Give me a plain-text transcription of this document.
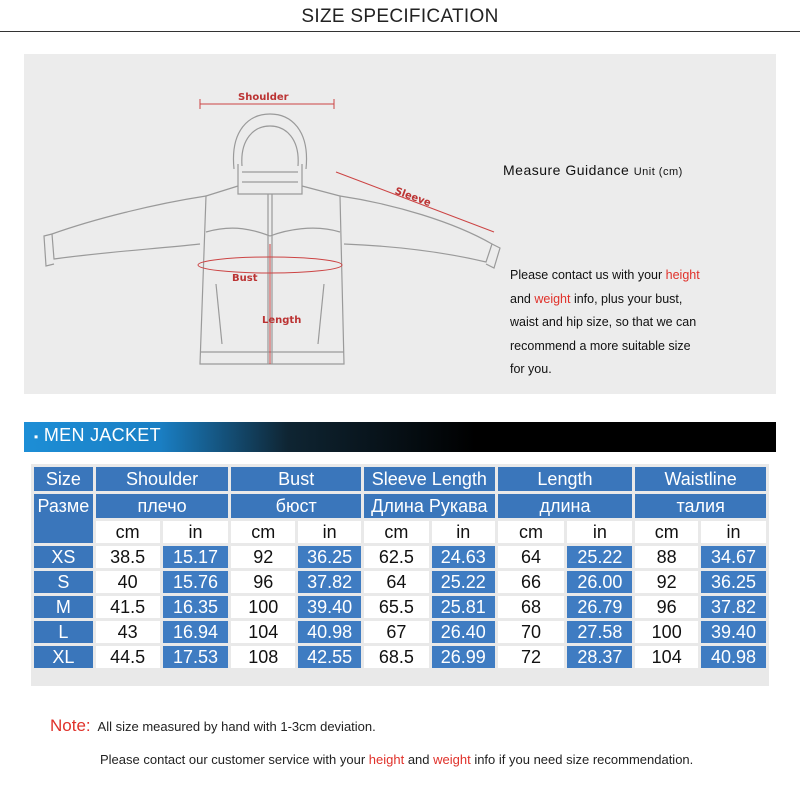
SIZE SPECIFICATION
Shoulder
Sleeve
Bust
Length
Measure Guidance Unit (cm)
Please contact us with your height
and weight info, plus your bust,
waist and hip size, so that we can
recommend a more suitable size
for you.
▪ MEN JACKET
Size	Shoulder		Bust		Sleeve Length		Length		Waistline	
Разме	плечо		бюст		Длина Рукава		длина		талия	
	cm	in	cm	in	cm	in	cm	in	cm	in
XS	38.5	15.17	92	36.25	62.5	24.63	64	25.22	88	34.67
S	40	15.76	96	37.82	64	25.22	66	26.00	92	36.25
M	41.5	16.35	100	39.40	65.5	25.81	68	26.79	96	37.82
L	43	16.94	104	40.98	67	26.40	70	27.58	100	39.40
XL	44.5	17.53	108	42.55	68.5	26.99	72	28.37	104	40.98
Note: All size measured by hand with 1-3cm deviation.
Please contact our customer service with your height and weight info if you need size recommendation.
